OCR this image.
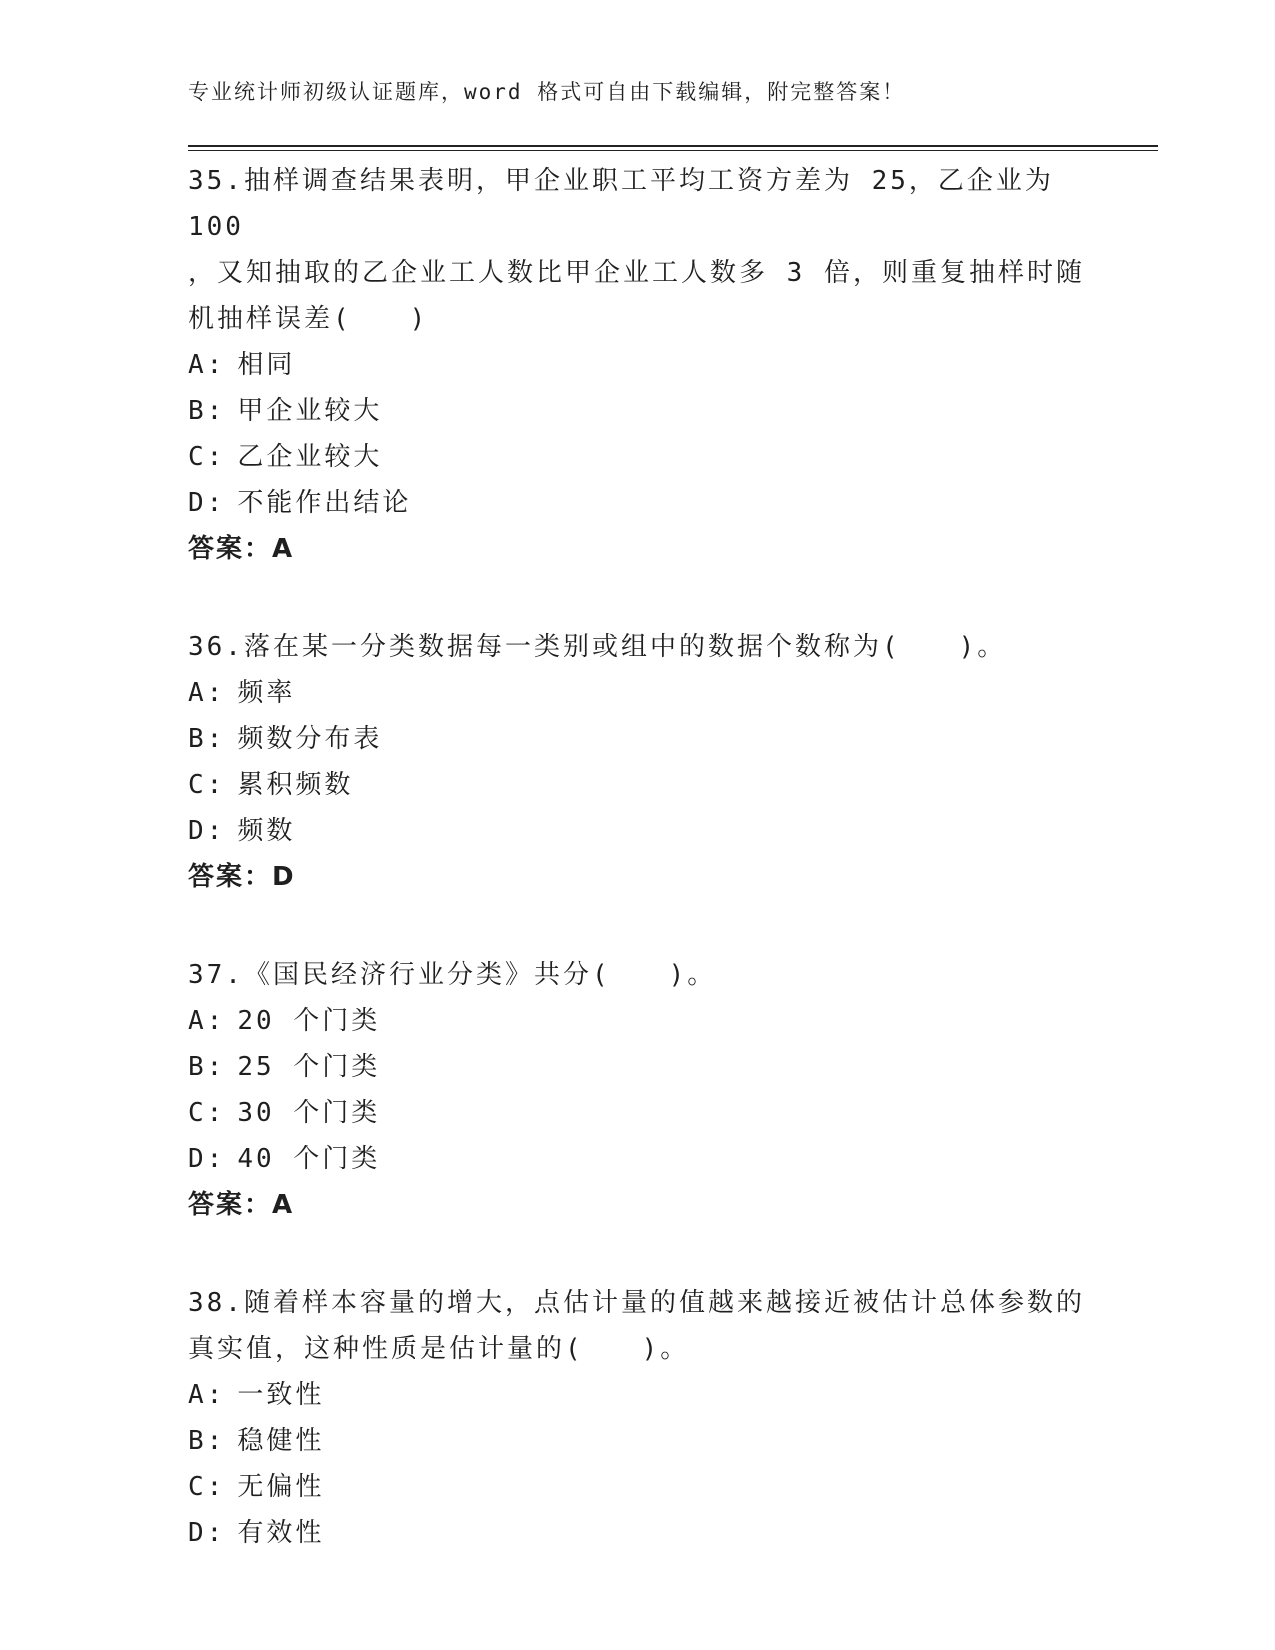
专业统计师初级认证题库，word 格式可自由下载编辑，附完整答案！
35.抽样调查结果表明，甲企业职工平均工资方差为 25，乙企业为 100
，又知抽取的乙企业工人数比甲企业工人数多 3 倍，则重复抽样时随
机抽样误差(　　)
A: 相同
B: 甲企业较大
C: 乙企业较大
D: 不能作出结论
答案：A
36.落在某一分类数据每一类别或组中的数据个数称为(　　)。
A: 频率
B: 频数分布表
C: 累积频数
D: 频数
答案：D
37.《国民经济行业分类》共分(　　)。
A: 20 个门类
B: 25 个门类
C: 30 个门类
D: 40 个门类
答案：A
38.随着样本容量的增大，点估计量的值越来越接近被估计总体参数的
真实值，这种性质是估计量的(　　)。
A: 一致性
B: 稳健性
C: 无偏性
D: 有效性
